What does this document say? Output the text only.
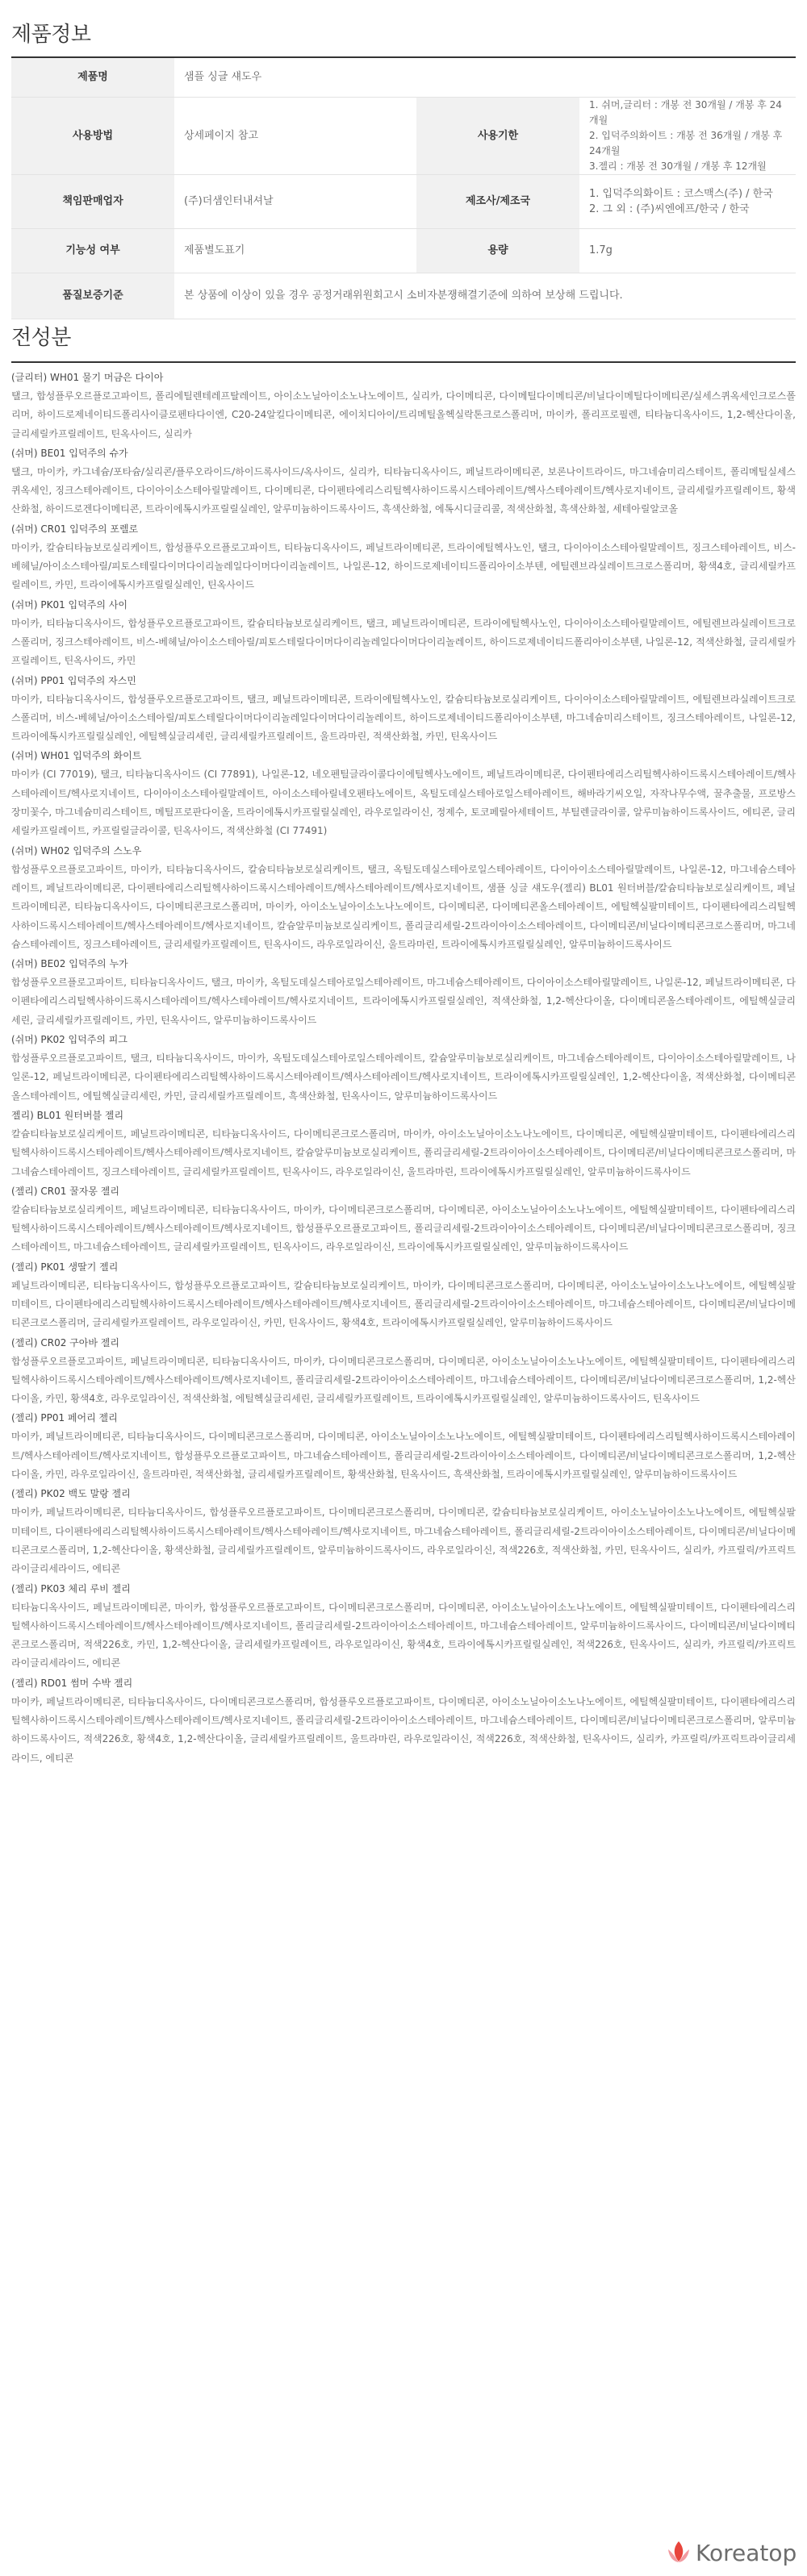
제품정보
제품명	샘플 싱글 섀도우		

사용방법	상세페이지 참고	사용기한	1. 쉬머,글리터 : 개봉 전 30개월 / 개봉 후 24개월
2. 입덕주의화이트 : 개봉 전 36개월 / 개봉 후 24개월
3.젤리 : 개봉 전 30개월 / 개봉 후 12개월

책임판매업자	(주)더샘인터내셔날	제조사/제조국	1. 입덕주의화이트 : 코스맥스(주) / 한국
2. 그 외 : (주)씨엔에프/한국 / 한국

기능성 여부	제품별도표기	용량	1.7g

품질보증기준	본 상품에 이상이 있을 경우 공정거래위원회고시 소비자분쟁해결기준에 의하여 보상해 드립니다.		
전성분
(글리터) WH01 물기 머금은 다이아
탤크, 합성플루오르플로고파이트, 폴리에틸렌테레프탈레이트, 아이소노닐아이소노나노에이트, 실리카, 다이메티콘, 다이메틸다이메티콘/비닐다이메틸다이메티콘/실세스퀴옥세인크로스폴리머, 하이드로제네이티드폴리사이클로펜타다이엔, C20-24알킬다이메티콘, 에이치디아이/트리메틸올헥실락톤크로스폴리머, 마이카, 폴리프로필렌, 티타늄디옥사이드, 1,2-헥산다이올, 글리세릴카프릴레이트, 틴옥사이드, 실리카
(쉬머) BE01 입덕주의 슈가
탤크, 마이카, 카그네슘/포타슘/실리콘/플루오라이드/하이드록사이드/옥사이드, 실리카, 티타늄디옥사이드, 페닐트라이메티콘, 보론나이트라이드, 마그네슘미리스테이트, 폴리메틸실세스퀴옥세인, 징크스테아레이트, 다이아이소스테아릴말레이트, 다이메티콘, 다이펜타에리스리틸헥사하이드록시스테아레이트/헥사스테아레이트/헥사로지네이트, 글리세릴카프릴레이트, 황색산화철, 하이드로겐다이메티콘, 트라이에톡시카프릴릴실레인, 알루미늄하이드록사이드, 흑색산화철, 에톡시디글리콜, 적색산화철, 흑색산화철, 세테아릴알코올
(쉬머) CR01 입덕주의 포렐로
마이카, 칼슘티타늄보로실리케이트, 합성플루오르플로고파이트, 티타늄디옥사이드, 페닐트라이메티콘, 트라이에틸헥사노인, 탤크, 다이아이소스테아릴말레이트, 징크스테아레이트, 비스-베헤닐/아이소스테아릴/피토스테릴다이머다이리놀레일다이머다이리놀레이트, 나일론-12, 하이드로제네이티드폴리아이소부텐, 에틸렌브라실레이트크로스폴리머, 황색4호, 글리세릴카프릴레이트, 카민, 트라이에톡시카프릴릴실레인, 틴옥사이드
(쉬머) PK01 입덕주의 사이
마이카, 티타늄디옥사이드, 합성플루오르플로고파이트, 칼슘티타늄보로실리케이트, 탤크, 페닐트라이메티콘, 트라이에틸헥사노인, 다이아이소스테아릴말레이트, 에틸렌브라실레이트크로스폴리머, 징크스테아레이트, 비스-베헤닐/아이소스테아릴/피토스테릴다이머다이리놀레일다이머다이리놀레이트, 하이드로제네이티드폴리아이소부텐, 나일론-12, 적색산화철, 글리세릴카프릴레이트, 틴옥사이드, 카민
(쉬머) PP01 입덕주의 자스민
마이카, 티타늄디옥사이드, 합성플루오르플로고파이트, 탤크, 페닐트라이메티콘, 트라이에틸헥사노인, 칼슘티타늄보로실리케이트, 다이아이소스테아릴말레이트, 에틸렌브라실레이트크로스폴리머, 비스-베헤닐/아이소스테아릴/피토스테릴다이머다이리놀레일다이머다이리놀레이트, 하이드로제네이티드폴리아이소부텐, 마그네슘미리스테이트, 징크스테아레이트, 나일론-12, 트라이에톡시카프릴릴실레인, 에틸헥실글리세린, 글리세릴카프릴레이트, 울트라마린, 적색산화철, 카민, 틴옥사이드
(쉬머) WH01 입덕주의 화이트
마이카 (CI 77019), 탤크, 티타늄디옥사이드 (CI 77891), 나일론-12, 네오펜틸글라이콜다이에틸헥사노에이트, 페닐트라이메티콘, 다이펜타에리스리틸헥사하이드록시스테아레이트/헥사스테아레이트/헥사로지네이트, 다이아이소스테아릴말레이트, 아이소스테아릴네오펜타노에이트, 옥틸도데실스테아로일스테아레이트, 해바라기씨오일, 자작나무수액, 꿀추출물, 프로방스장미꽃수, 마그네슘미리스테이트, 메틸프로판다이올, 트라이에톡시카프릴릴실레인, 라우로일라이신, 정제수, 토코페릴아세테이트, 부틸렌글라이콜, 알루미늄하이드록사이드, 에티콘, 글리세릴카프릴레이트, 카프릴릴글라이콜, 틴옥사이드, 적색산화철 (CI 77491)
(쉬머) WH02 입덕주의 스노우
합성플루오르플로고파이트, 마이카, 티타늄디옥사이드, 칼슘티타늄보로실리케이트, 탤크, 옥틸도데실스테아로일스테아레이트, 다이아이소스테아릴말레이트, 나일론-12, 마그네슘스테아레이트, 페닐트라이메티콘, 다이펜타에리스리틸헥사하이드록시스테아레이트/헥사스테아레이트/헥사로지네이트, 샘플 싱글 섀도우(젤리) BL01 원터버블/칼슘티타늄보로실리케이트, 페닐트라이메티콘, 티타늄디옥사이드, 다이메티콘크로스폴리머, 마이카, 아이소노닐아이소노나노에이트, 다이메티콘, 다이메티콘올스테아레이트, 에틸헥실팔미테이트, 다이펜타에리스리틸헥사하이드록시스테아레이트/헥사스테아레이트/헥사로지네이트, 칼슘알루미늄보로실리케이트, 폴리글리세릴-2트라이아이소스테아레이트, 다이메티콘/비닐다이메티콘크로스폴리머, 마그네슘스테아레이트, 징크스테아레이트, 글리세릴카프릴레이트, 틴옥사이드, 라우로일라이신, 울트라마린, 트라이에톡시카프릴릴실레인, 알루미늄하이드록사이드
(쉬머) BE02 입덕주의 누가
합성플루오르플로고파이트, 티타늄디옥사이드, 탤크, 마이카, 옥틸도데실스테아로일스테아레이트, 마그네슘스테아레이트, 다이아이소스테아릴말레이트, 나일론-12, 페닐트라이메티콘, 다이펜타에리스리틸헥사하이드록시스테아레이트/헥사스테아레이트/헥사로지네이트, 트라이에톡시카프릴릴실레인, 적색산화철, 1,2-헥산다이올, 다이메티콘올스테아레이트, 에틸헥실글리세린, 글리세릴카프릴레이트, 카민, 틴옥사이드, 알루미늄하이드록사이드
(쉬머) PK02 입덕주의 피그
합성플루오르플로고파이트, 탤크, 티타늄디옥사이드, 마이카, 옥틸도데실스테아로일스테아레이트, 칼슘알루미늄보로실리케이트, 마그네슘스테아레이트, 다이아이소스테아릴말레이트, 나일론-12, 페닐트라이메티콘, 다이펜타에리스리틸헥사하이드록시스테아레이트/헥사스테아레이트/헥사로지네이트, 트라이에톡시카프릴릴실레인, 1,2-헥산다이올, 적색산화철, 다이메티콘올스테아레이트, 에틸헥실글리세린, 카민, 글리세릴카프릴레이트, 흑색산화철, 틴옥사이드, 알루미늄하이드록사이드
젤리) BL01 원터버블 젤리
칼슘티타늄보로실리케이트, 페닐트라이메티콘, 티타늄디옥사이드, 다이메티콘크로스폴리머, 마이카, 아이소노닐아이소노나노에이트, 다이메티콘, 에틸헥실팔미테이트, 다이펜타에리스리틸헥사하이드록시스테아레이트/헥사스테아레이트/헥사로지네이트, 칼슘알루미늄보로실리케이트, 폴리글리세릴-2트라이아이소스테아레이트, 다이메티콘/비닐다이메티콘크로스폴리머, 마그네슘스테아레이트, 징크스테아레이트, 글리세릴카프릴레이트, 틴옥사이드, 라우로일라이신, 울트라마린, 트라이에톡시카프릴릴실레인, 알루미늄하이드록사이드
(젤리) CR01 꿀자몽 젤리
칼슘티타늄보로실리케이트, 페닐트라이메티콘, 티타늄디옥사이드, 마이카, 다이메티콘크로스폴리머, 다이메티콘, 아이소노닐아이소노나노에이트, 에틸헥실팔미테이트, 다이펜타에리스리틸헥사하이드록시스테아레이트/헥사스테아레이트/헥사로지네이트, 합성플루오르플로고파이트, 폴리글리세릴-2트라이아이소스테아레이트, 다이메티콘/비닐다이메티콘크로스폴리머, 징크스테아레이트, 마그네슘스테아레이트, 글리세릴카프릴레이트, 틴옥사이드, 라우로일라이신, 트라이에톡시카프릴릴실레인, 알루미늄하이드록사이드
(젤리) PK01 생딸기 젤리
페닐트라이메티콘, 티타늄디옥사이드, 합성플루오르플로고파이트, 칼슘티타늄보로실리케이트, 마이카, 다이메티콘크로스폴리머, 다이메티콘, 아이소노닐아이소노나노에이트, 에틸헥실팔미테이트, 다이펜타에리스리틸헥사하이드록시스테아레이트/헥사스테아레이트/헥사로지네이트, 폴리글리세릴-2트라이아이소스테아레이트, 마그네슘스테아레이트, 다이메티콘/비닐다이메티콘크로스폴리머, 글리세릴카프릴레이트, 라우로일라이신, 카민, 틴옥사이드, 황색4호, 트라이에톡시카프릴릴실레인, 알루미늄하이드록사이드
(젤리) CR02 구아바 젤리
합성플루오르플로고파이트, 페닐트라이메티콘, 티타늄디옥사이드, 마이카, 다이메티콘크로스폴리머, 다이메티콘, 아이소노닐아이소노나노에이트, 에틸헥실팔미테이트, 다이펜타에리스리틸헥사하이드록시스테아레이트/헥사스테아레이트/헥사로지네이트, 폴리글리세릴-2트라이아이소스테아레이트, 마그네슘스테아레이트, 다이메티콘/비닐다이메티콘크로스폴리머, 1,2-헥산다이올, 카민, 황색4호, 라우로일라이신, 적색산화철, 에틸헥실글리세린, 글리세릴카프릴레이트, 트라이에톡시카프릴릴실레인, 알루미늄하이드록사이드, 틴옥사이드
(젤리) PP01 페어리 젤리
마이카, 페닐트라이메티콘, 티타늄디옥사이드, 다이메티콘크로스폴리머, 다이메티콘, 아이소노닐아이소노나노에이트, 에틸헥실팔미테이트, 다이펜타에리스리틸헥사하이드록시스테아레이트/헥사스테아레이트/헥사로지네이트, 합성플루오르플로고파이트, 마그네슘스테아레이트, 폴리글리세릴-2트라이아이소스테아레이트, 다이메티콘/비닐다이메티콘크로스폴리머, 1,2-헥산다이올, 카민, 라우로일라이신, 울트라마린, 적색산화철, 글리세릴카프릴레이트, 황색산화철, 틴옥사이드, 흑색산화철, 트라이에톡시카프릴릴실레인, 알루미늄하이드록사이드
(젤리) PK02 백도 말랑 젤리
마이카, 페닐트라이메티콘, 티타늄디옥사이드, 합성플루오르플로고파이트, 다이메티콘크로스폴리머, 다이메티콘, 칼슘티타늄보로실리케이트, 아이소노닐아이소노나노에이트, 에틸헥실팔미테이트, 다이펜타에리스리틸헥사하이드록시스테아레이트/헥사스테아레이트/헥사로지네이트, 마그네슘스테아레이트, 폴리글리세릴-2트라이아이소스테아레이트, 다이메티콘/비닐다이메티콘크로스폴리머, 1,2-헥산다이올, 황색산화철, 글리세릴카프릴레이트, 알루미늄하이드록사이드, 라우로일라이신, 적색226호, 적색산화철, 카민, 틴옥사이드, 실리카, 카프릴릭/카프릭트라이글리세라이드, 에티콘
(젤리) PK03 체리 루비 젤리
티타늄디옥사이드, 페닐트라이메티콘, 마이카, 합성플루오르플로고파이트, 다이메티콘크로스폴리머, 다이메티콘, 아이소노닐아이소노나노에이트, 에틸헥실팔미테이트, 다이펜타에리스리틸헥사하이드록시스테아레이트/헥사스테아레이트/헥사로지네이트, 폴리글리세릴-2트라이아이소스테아레이트, 마그네슘스테아레이트, 알루미늄하이드록사이드, 다이메티콘/비닐다이메티콘크로스폴리머, 적색226호, 카민, 1,2-헥산다이올, 글리세릴카프릴레이트, 라우로일라이신, 황색4호, 트라이에톡시카프릴릴실레인, 적색226호, 틴옥사이드, 실리카, 카프릴릭/카프릭트라이글리세라이드, 에티콘
(젤리) RD01 썸머 수박 젤리
마이카, 페닐트라이메티콘, 티타늄디옥사이드, 다이메티콘크로스폴리머, 합성플루오르플로고파이트, 다이메티콘, 아이소노닐아이소노나노에이트, 에틸헥실팔미테이트, 다이펜타에리스리틸헥사하이드록시스테아레이트/헥사스테아레이트/헥사로지네이트, 폴리글리세릴-2트라이아이소스테아레이트, 마그네슘스테아레이트, 다이메티콘/비닐다이메티콘크로스폴리머, 알루미늄하이드록사이드, 적색226호, 황색4호, 1,2-헥산다이올, 글리세릴카프릴레이트, 울트라마린, 라우로일라이신, 적색226호, 적색산화철, 틴옥사이드, 실리카, 카프릴릭/카프릭트라이글리세라이드, 에티콘
Koreatop
